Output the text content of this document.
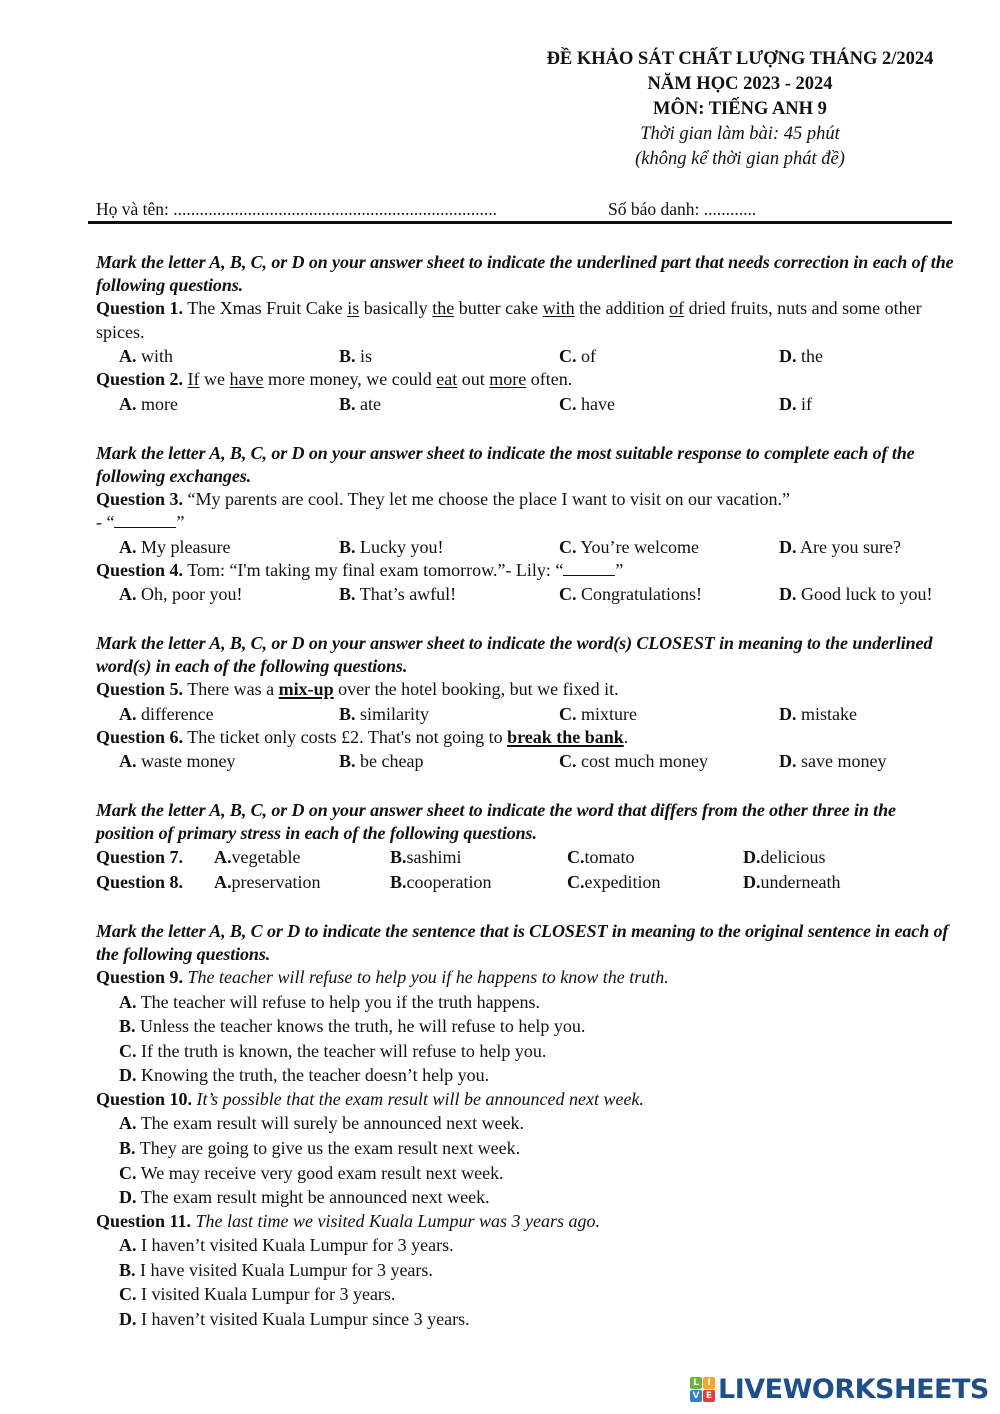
ĐỀ KHẢO SÁT CHẤT LƯỢNG THÁNG 2/2024
NĂM HỌC 2023 - 2024
MÔN: TIẾNG ANH 9
Thời gian làm bài: 45 phút
(không kể thời gian phát đề)
Họ và tên: ..........................................................................	Số báo danh: ............
Mark the letter A, B, C, or D on your answer sheet to indicate the underlined part that needs correction in each of the following questions.
Question 1. The Xmas Fruit Cake is basically the butter cake with the addition of dried fruits, nuts and some other spices.
A. with	B. is	C. of	D. the
Question 2. If we have more money, we could eat out more often.
A. more	B. ate	C. have	D. if
Mark the letter A, B, C, or D on your answer sheet to indicate the most suitable response to complete each of the following exchanges.
Question 3. “My parents are cool. They let me choose the place I want to visit on our vacation.”
- “	”
A. My pleasure	B. Lucky you!	C. You’re welcome	D. Are you sure?
Question 4. Tom: “I'm taking my final exam tomorrow.”- Lily: “	”
A. Oh, poor you!	B. That’s awful!	C. Congratulations!	D. Good luck to you!
Mark the letter A, B, C, or D on your answer sheet to indicate the word(s) CLOSEST in meaning to the underlined word(s) in each of the following questions.
Question 5. There was a mix-up over the hotel booking, but we fixed it.
A. difference	B. similarity	C. mixture	D. mistake
Question 6. The ticket only costs £2. That's not going to break the bank.
A. waste money	B. be cheap	C. cost much money	D. save money
Mark the letter A, B, C, or D on your answer sheet to indicate the word that differs from the other three in the position of primary stress in each of the following questions.
Question 7. A. vegetable	B. sashimi	C. tomato	D. delicious
Question 8. A. preservation	B. cooperation	C. expedition	D. underneath
Mark the letter A, B, C or D to indicate the sentence that is CLOSEST in meaning to the original sentence in each of the following questions.
Question 9. The teacher will refuse to help you if he happens to know the truth.
A. The teacher will refuse to help you if the truth happens.
B. Unless the teacher knows the truth, he will refuse to help you.
C. If the truth is known, the teacher will refuse to help you.
D. Knowing the truth, the teacher doesn’t help you.
Question 10. It’s possible that the exam result will be announced next week.
A. The exam result will surely be announced next week.
B. They are going to give us the exam result next week.
C. We may receive very good exam result next week.
D. The exam result might be announced next week.
Question 11. The last time we visited Kuala Lumpur was 3 years ago.
A. I haven’t visited Kuala Lumpur for 3 years.
B. I have visited Kuala Lumpur for 3 years.
C. I visited Kuala Lumpur for 3 years.
D. I haven’t visited Kuala Lumpur since 3 years.
L I
V E LIVEWORKSHEETS
